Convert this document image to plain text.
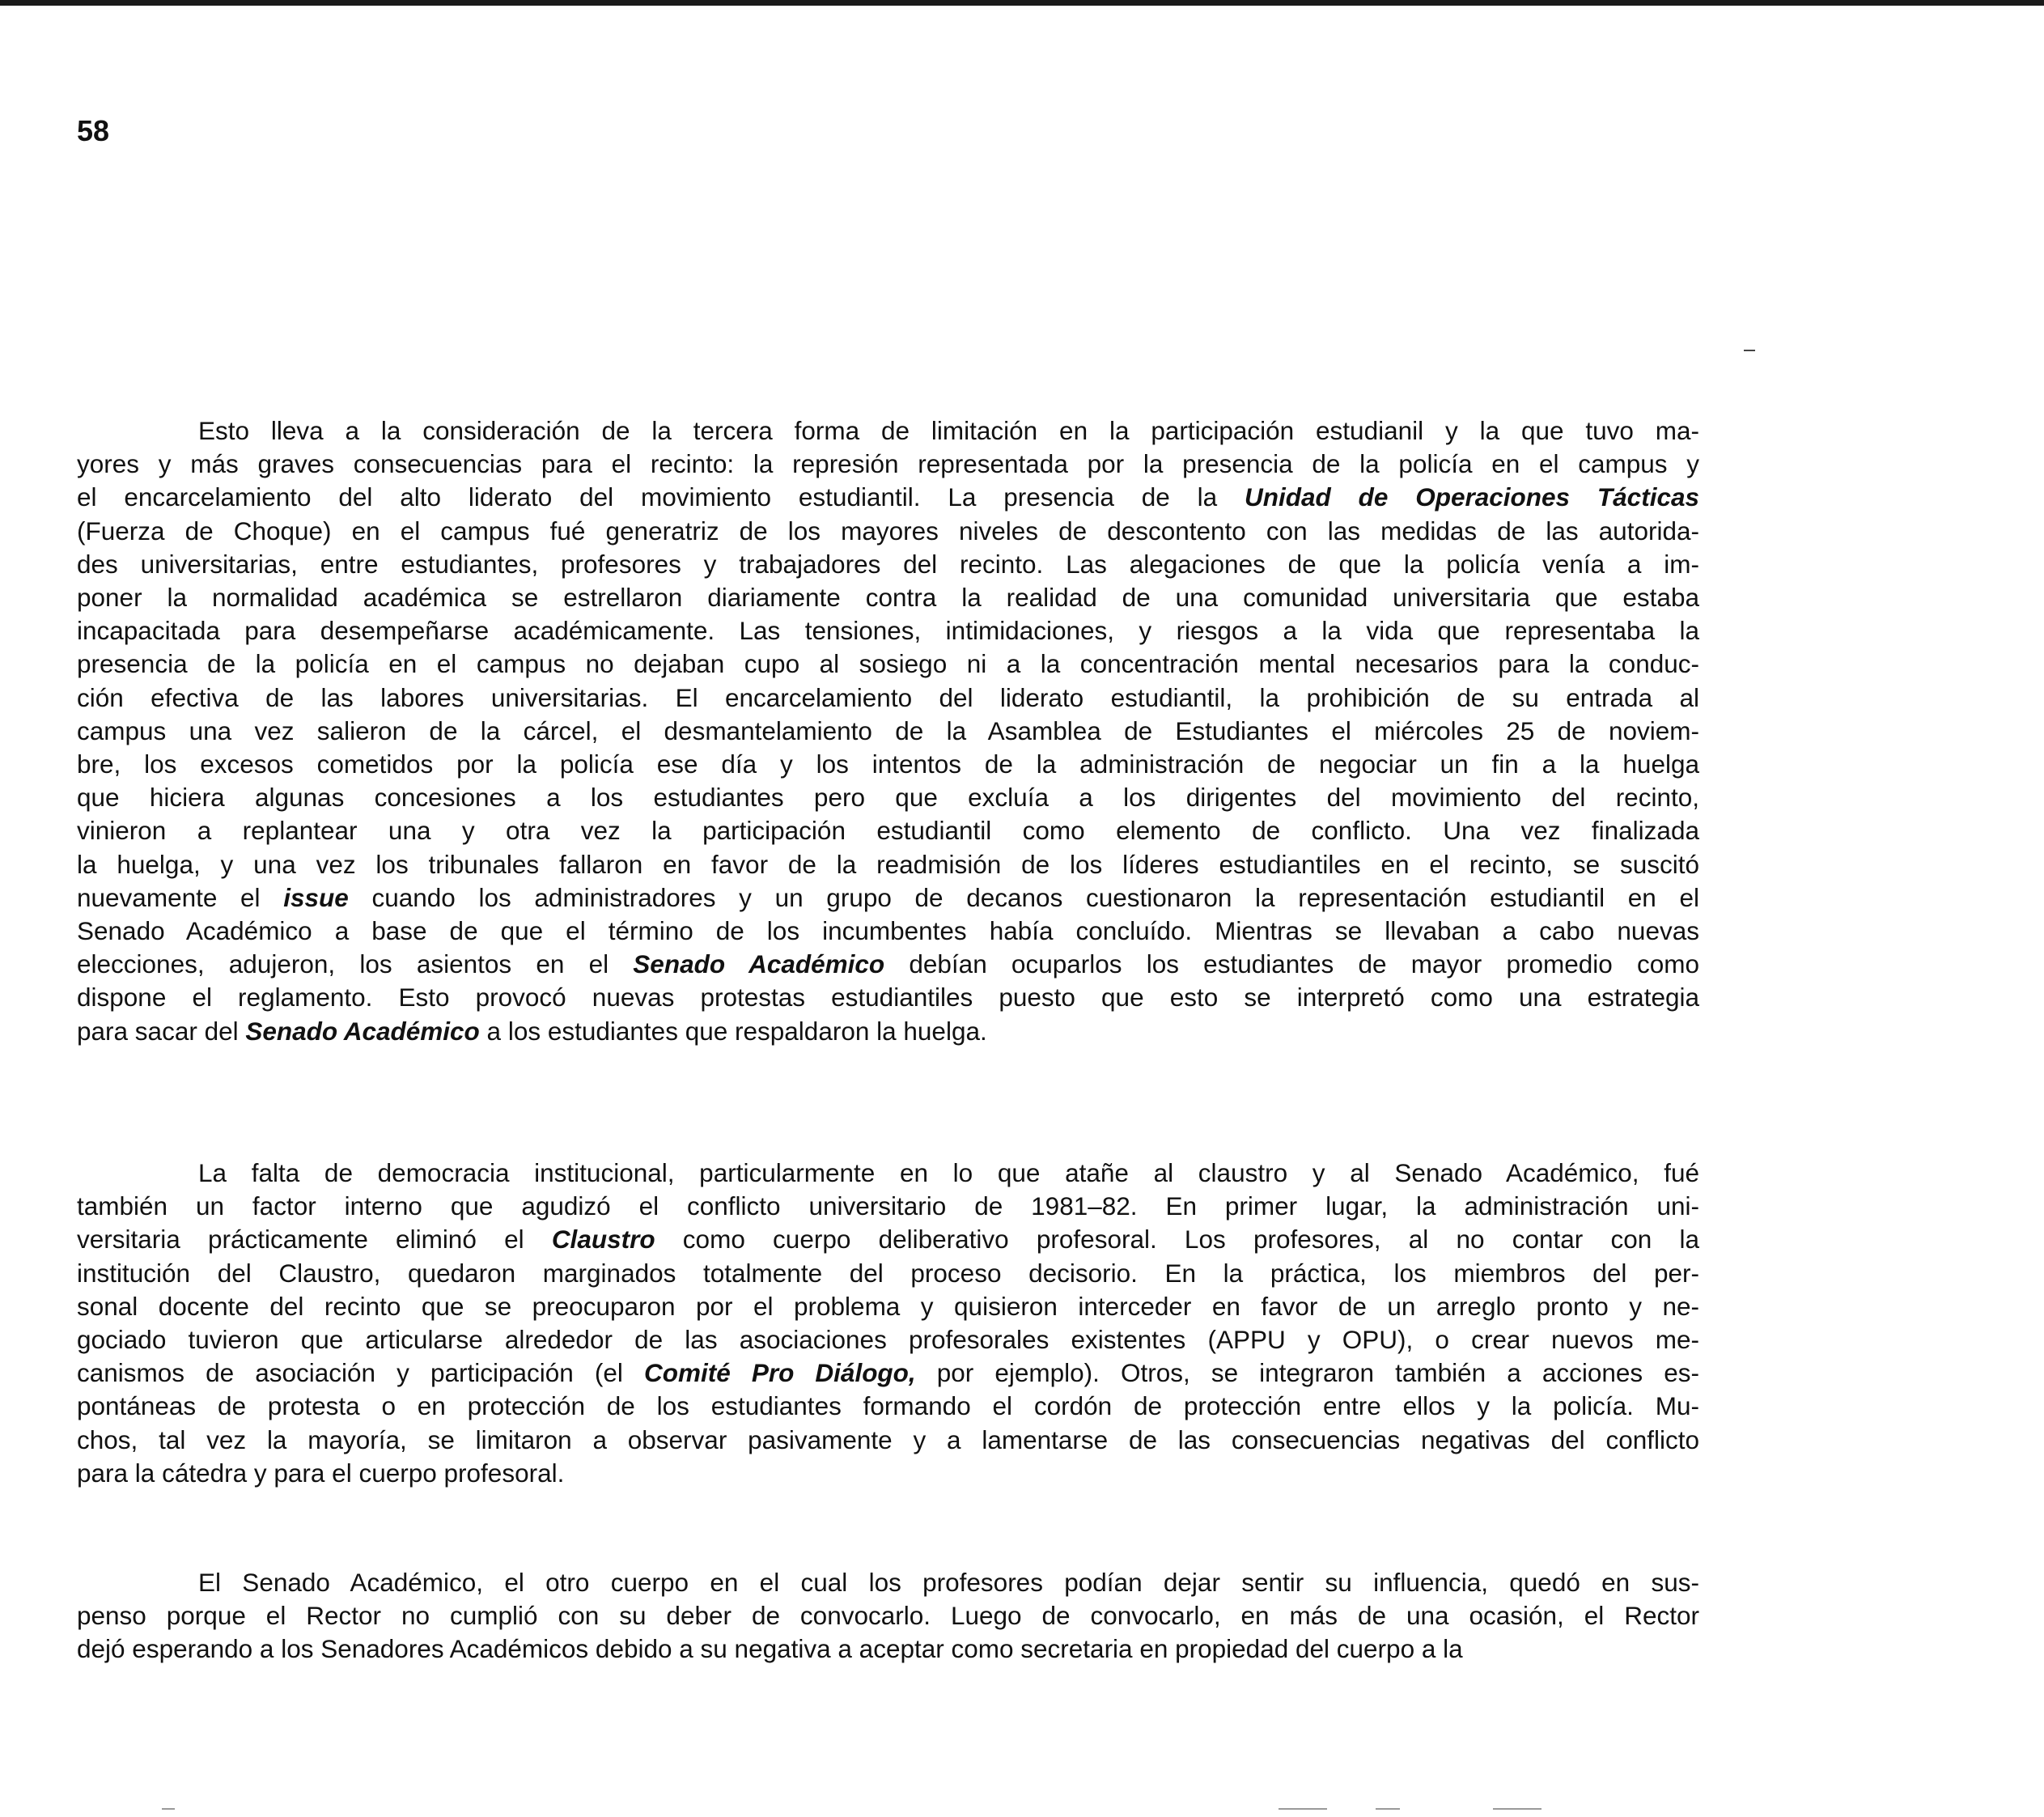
58
Esto lleva a la consideración de la tercera forma de limitación en la participación estudianil y la que tuvo ma-
yores y más graves consecuencias para el recinto: la represión representada por la presencia de la policía en el campus y
el encarcelamiento del alto liderato del movimiento estudiantil. La presencia de la Unidad de Operaciones Tácticas
(Fuerza de Choque) en el campus fué generatriz de los mayores niveles de descontento con las medidas de las autorida-
des universitarias, entre estudiantes, profesores y trabajadores del recinto. Las alegaciones de que la policía venía a im-
poner la normalidad académica se estrellaron diariamente contra la realidad de una comunidad universitaria que estaba
incapacitada para desempeñarse académicamente. Las tensiones, intimidaciones, y riesgos a la vida que representaba la
presencia de la policía en el campus no dejaban cupo al sosiego ni a la concentración mental necesarios para la conduc-
ción efectiva de las labores universitarias. El encarcelamiento del liderato estudiantil, la prohibición de su entrada al
campus una vez salieron de la cárcel, el desmantelamiento de la Asamblea de Estudiantes el miércoles 25 de noviem-
bre, los excesos cometidos por la policía ese día y los intentos de la administración de negociar un fin a la huelga
que hiciera algunas concesiones a los estudiantes pero que excluía a los dirigentes del movimiento del recinto,
vinieron a replantear una y otra vez la participación estudiantil como elemento de conflicto. Una vez finalizada
la huelga, y una vez los tribunales fallaron en favor de la readmisión de los líderes estudiantiles en el recinto, se suscitó
nuevamente el issue cuando los administradores y un grupo de decanos cuestionaron la representación estudiantil en el
Senado Académico a base de que el término de los incumbentes había concluído. Mientras se llevaban a cabo nuevas
elecciones, adujeron, los asientos en el Senado Académico debían ocuparlos los estudiantes de mayor promedio como
dispone el reglamento. Esto provocó nuevas protestas estudiantiles puesto que esto se interpretó como una estrategia
para sacar del Senado Académico a los estudiantes que respaldaron la huelga.
La falta de democracia institucional, particularmente en lo que atañe al claustro y al Senado Académico, fué
también un factor interno que agudizó el conflicto universitario de 1981–82. En primer lugar, la administración uni-
versitaria prácticamente eliminó el Claustro como cuerpo deliberativo profesoral. Los profesores, al no contar con la
institución del Claustro, quedaron marginados totalmente del proceso decisorio. En la práctica, los miembros del per-
sonal docente del recinto que se preocuparon por el problema y quisieron interceder en favor de un arreglo pronto y ne-
gociado tuvieron que articularse alrededor de las asociaciones profesorales existentes (APPU y OPU), o crear nuevos me-
canismos de asociación y participación (el Comité Pro Diálogo, por ejemplo). Otros, se integraron también a acciones es-
pontáneas de protesta o en protección de los estudiantes formando el cordón de protección entre ellos y la policía. Mu-
chos, tal vez la mayoría, se limitaron a observar pasivamente y a lamentarse de las consecuencias negativas del conflicto
para la cátedra y para el cuerpo profesoral.
El Senado Académico, el otro cuerpo en el cual los profesores podían dejar sentir su influencia, quedó en sus-
penso porque el Rector no cumplió con su deber de convocarlo. Luego de convocarlo, en más de una ocasión, el Rector
dejó esperando a los Senadores Académicos debido a su negativa a aceptar como secretaria en propiedad del cuerpo a la
